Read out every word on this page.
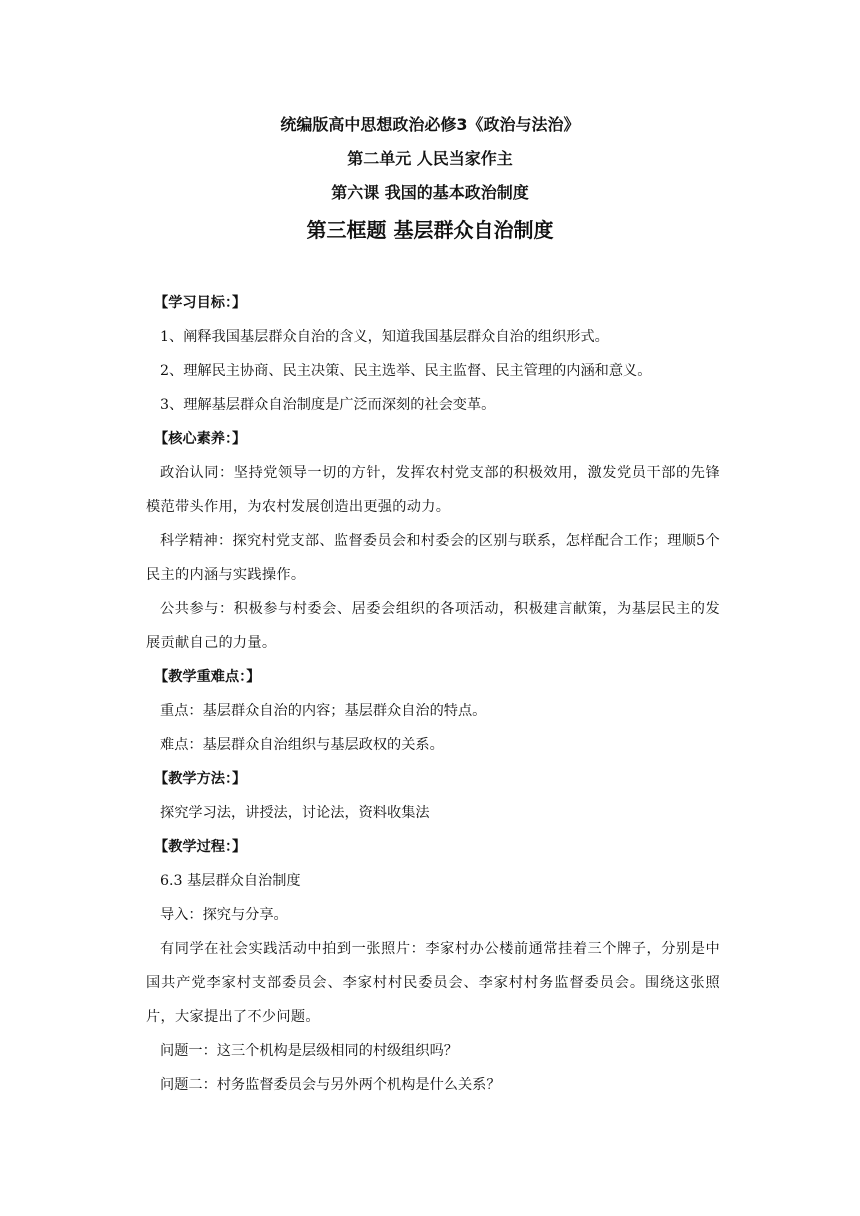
统编版高中思想政治必修3《政治与法治》
第二单元 人民当家作主
第六课 我国的基本政治制度
第三框题 基层群众自治制度
【学习目标：】
1、阐释我国基层群众自治的含义，知道我国基层群众自治的组织形式。
2、理解民主协商、民主决策、民主选举、民主监督、民主管理的内涵和意义。
3、理解基层群众自治制度是广泛而深刻的社会变革。
【核心素养：】
政治认同：坚持党领导一切的方针，发挥农村党支部的积极效用，激发党员干部的先锋模范带头作用，为农村发展创造出更强的动力。
科学精神：探究村党支部、监督委员会和村委会的区别与联系，怎样配合工作；理顺5个民主的内涵与实践操作。
公共参与：积极参与村委会、居委会组织的各项活动，积极建言献策，为基层民主的发展贡献自己的力量。
【教学重难点：】
重点：基层群众自治的内容；基层群众自治的特点。
难点：基层群众自治组织与基层政权的关系。
【教学方法：】
探究学习法，讲授法，讨论法，资料收集法
【教学过程：】
6.3 基层群众自治制度
导入：探究与分享。
有同学在社会实践活动中拍到一张照片：李家村办公楼前通常挂着三个牌子，分别是中国共产党李家村支部委员会、李家村村民委员会、李家村村务监督委员会。围绕这张照片，大家提出了不少问题。
问题一：这三个机构是层级相同的村级组织吗？
问题二：村务监督委员会与另外两个机构是什么关系？
